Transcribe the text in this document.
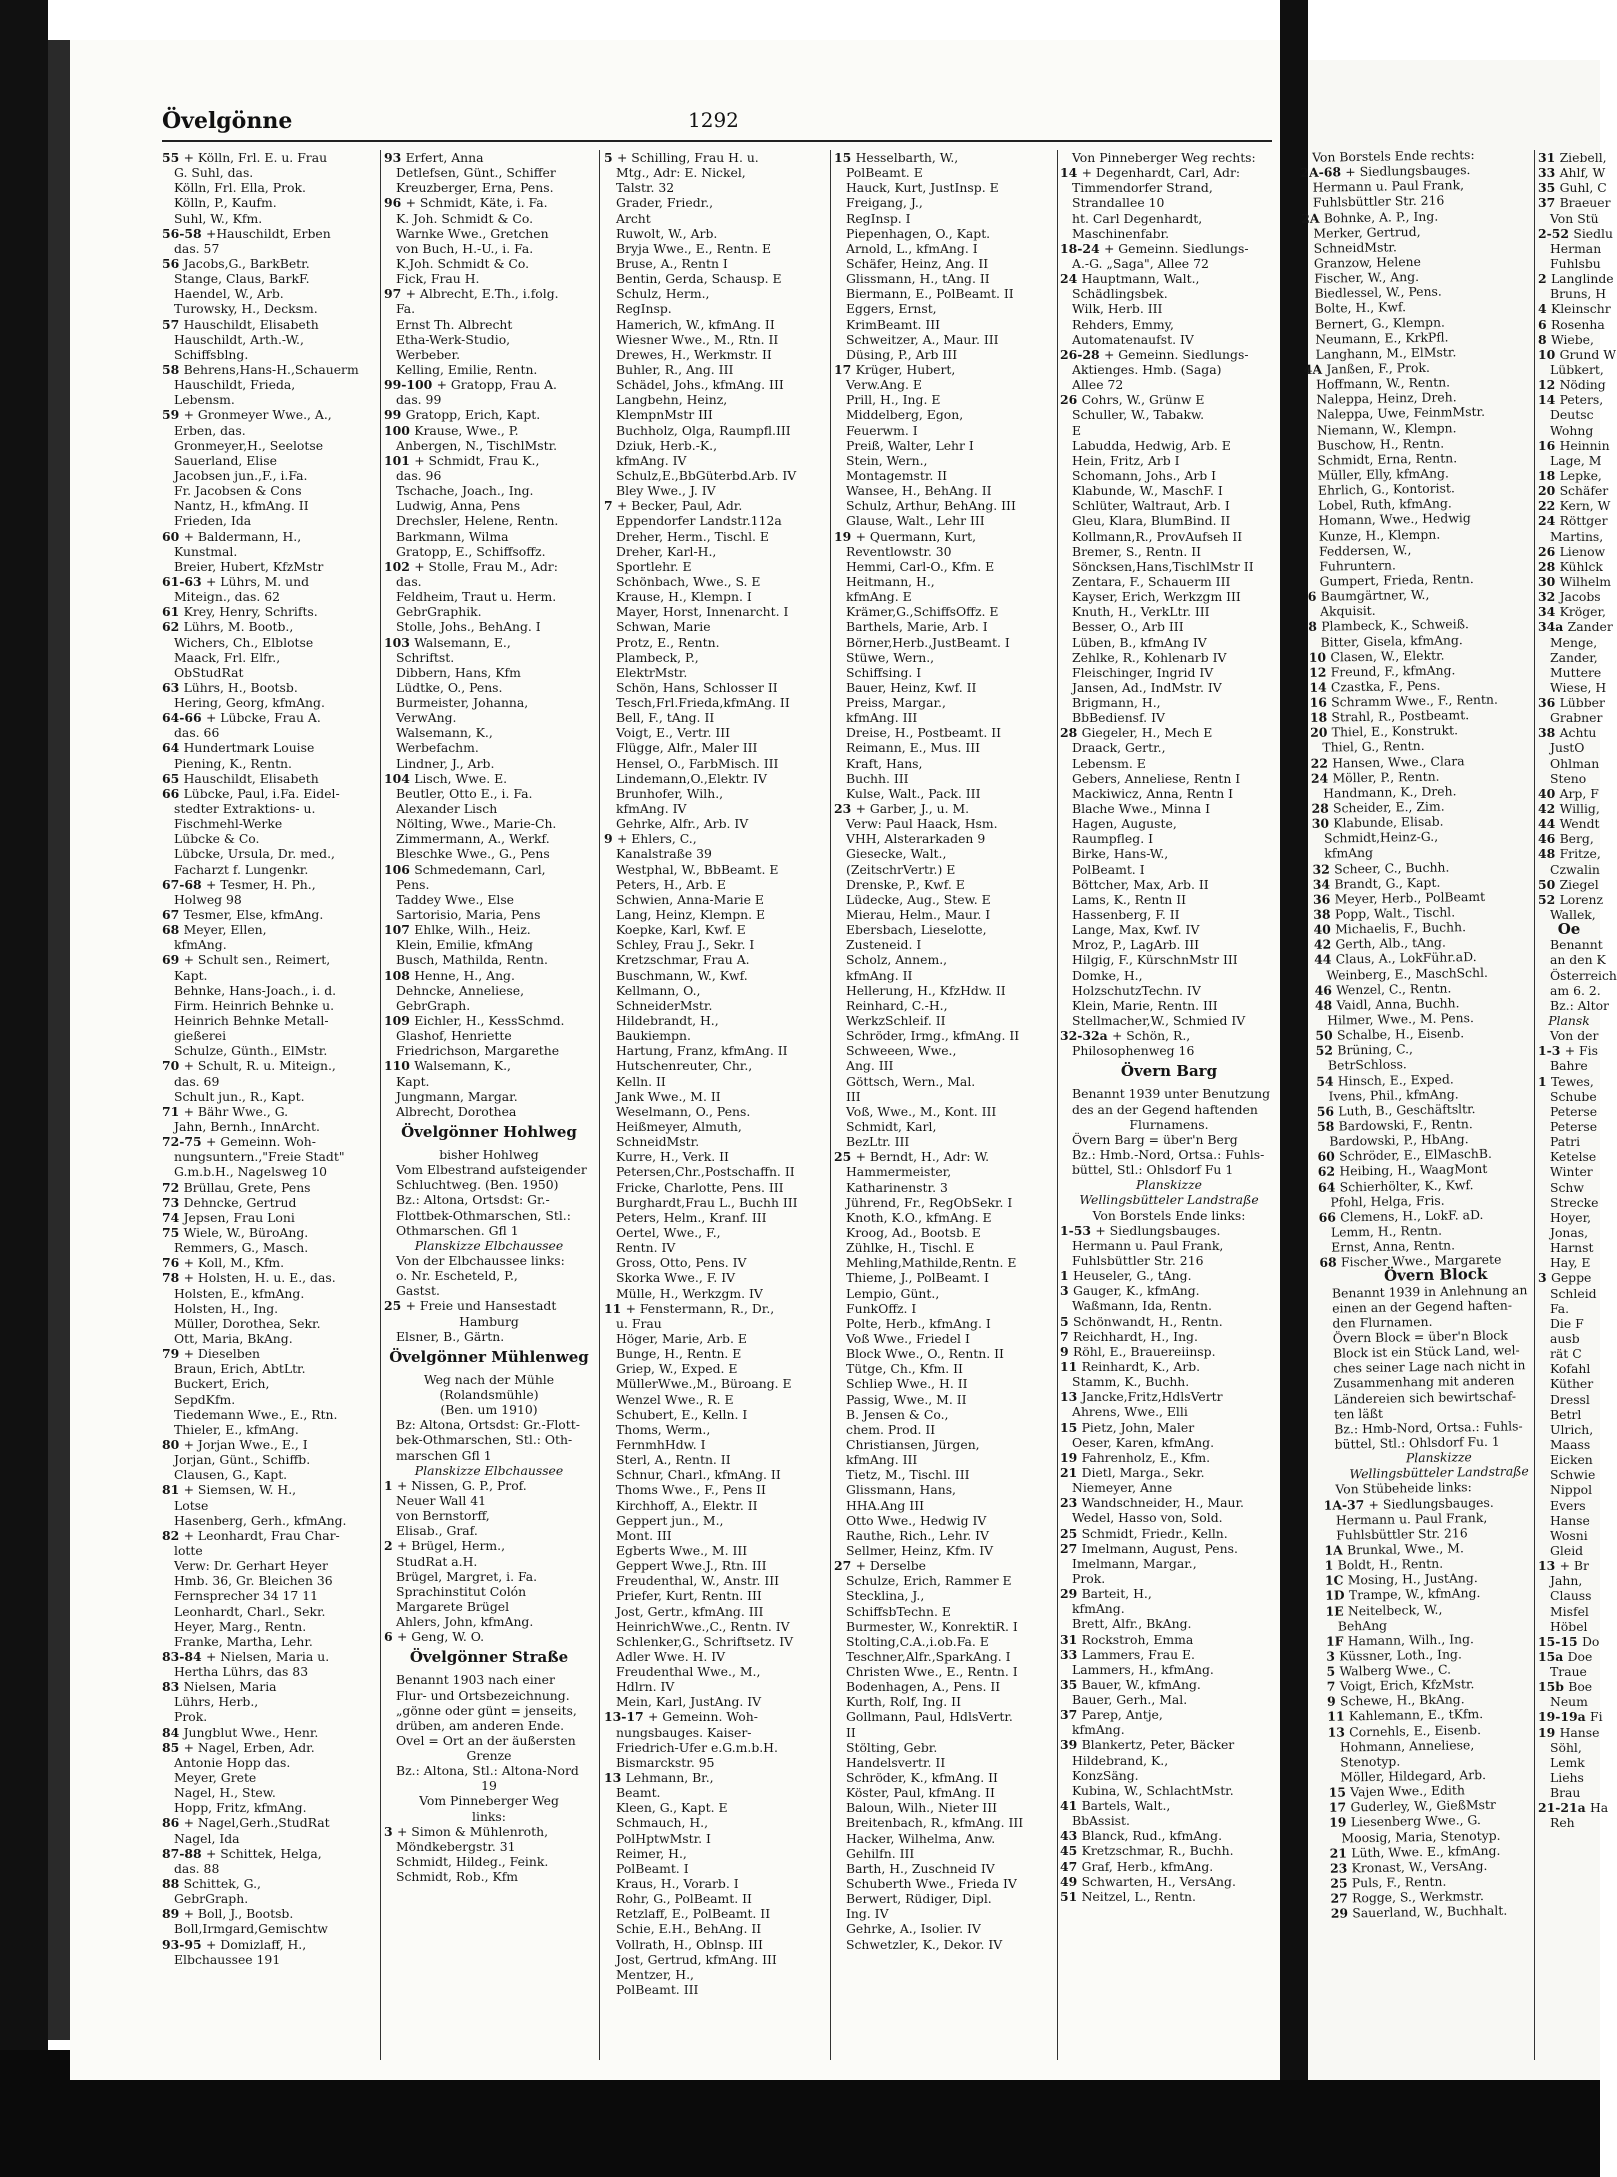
Övelgönne	1292
55 + Kölln, Frl. E. u. Frau
G. Suhl, das.
Kölln, Frl. Ella, Prok.
Kölln, P., Kaufm.
Suhl, W., Kfm.
56-58 +Hauschildt, Erben
das. 57
56 Jacobs,G., BarkBetr.
Stange, Claus, BarkF.
Haendel, W., Arb.
Turowsky, H., Decksm.
57 Hauschildt, Elisabeth
Hauschildt, Arth.-W.,
Schiffsblng.
58 Behrens,Hans-H.,Schauerm
Hauschildt, Frieda,
Lebensm.
59 + Gronmeyer Wwe., A.,
Erben, das.
Gronmeyer,H., Seelotse
Sauerland, Elise
Jacobsen jun.,F., i.Fa.
Fr. Jacobsen & Cons
Nantz, H., kfmAng. II
Frieden, Ida
60 + Baldermann, H.,
Kunstmal.
Breier, Hubert, KfzMstr
61-63 + Lührs, M. und
Miteign., das. 62
61 Krey, Henry, Schrifts.
62 Lührs, M. Bootb.,
Wichers, Ch., Elblotse
Maack, Frl. Elfr.,
ObStudRat
63 Lührs, H., Bootsb.
Hering, Georg, kfmAng.
64-66 + Lübcke, Frau A.
das. 66
64 Hundertmark Louise
Piening, K., Rentn.
65 Hauschildt, Elisabeth
66 Lübcke, Paul, i.Fa. Eidel-
stedter Extraktions- u.
Fischmehl-Werke
Lübcke & Co.
Lübcke, Ursula, Dr. med.,
Facharzt f. Lungenkr.
67-68 + Tesmer, H. Ph.,
Holweg 98
67 Tesmer, Else, kfmAng.
68 Meyer, Ellen,
kfmAng.
69 + Schult sen., Reimert,
Kapt.
Behnke, Hans-Joach., i. d.
Firm. Heinrich Behnke u.
Heinrich Behnke Metall-
gießerei
Schulze, Günth., ElMstr.
70 + Schult, R. u. Miteign.,
das. 69
Schult jun., R., Kapt.
71 + Bähr Wwe., G.
Jahn, Bernh., InnArcht.
72-75 + Gemeinn. Woh-
nungsuntern.,"Freie Stadt"
G.m.b.H., Nagelsweg 10
72 Brüllau, Grete, Pens
73 Dehncke, Gertrud
74 Jepsen, Frau Loni
75 Wiele, W., BüroAng.
Remmers, G., Masch.
76 + Koll, M., Kfm.
78 + Holsten, H. u. E., das.
Holsten, E., kfmAng.
Holsten, H., Ing.
Müller, Dorothea, Sekr.
Ott, Maria, BkAng.
79 + Dieselben
Braun, Erich, AbtLtr.
Buckert, Erich,
SepdKfm.
Tiedemann Wwe., E., Rtn.
Thieler, E., kfmAng.
80 + Jorjan Wwe., E., I
Jorjan, Günt., Schiffb.
Clausen, G., Kapt.
81 + Siemsen, W. H.,
Lotse
Hasenberg, Gerh., kfmAng.
82 + Leonhardt, Frau Char-
lotte
Verw: Dr. Gerhart Heyer
Hmb. 36, Gr. Bleichen 36
Fernsprecher 34 17 11
Leonhardt, Charl., Sekr.
Heyer, Marg., Rentn.
Franke, Martha, Lehr.
83-84 + Nielsen, Maria u.
Hertha Lührs, das 83
83 Nielsen, Maria
Lührs, Herb.,
Prok.
84 Jungblut Wwe., Henr.
85 + Nagel, Erben, Adr.
Antonie Hopp das.
Meyer, Grete
Nagel, H., Stew.
Hopp, Fritz, kfmAng.
86 + Nagel,Gerh.,StudRat
Nagel, Ida
87-88 + Schittek, Helga,
das. 88
88 Schittek, G.,
GebrGraph.
89 + Boll, J., Bootsb.
Boll,Irmgard,Gemischtw
93-95 + Domizlaff, H.,
Elbchaussee 191
93 Erfert, Anna
Detlefsen, Günt., Schiffer
Kreuzberger, Erna, Pens.
96 + Schmidt, Käte, i. Fa.
K. Joh. Schmidt & Co.
Warnke Wwe., Gretchen
von Buch, H.-U., i. Fa.
K.Joh. Schmidt & Co.
Fick, Frau H.
97 + Albrecht, E.Th., i.folg.
Fa.
Ernst Th. Albrecht
Etha-Werk-Studio,
Werbeber.
Kelling, Emilie, Rentn.
99-100 + Gratopp, Frau A.
das. 99
99 Gratopp, Erich, Kapt.
100 Krause, Wwe., P.
Anbergen, N., TischlMstr.
101 + Schmidt, Frau K.,
das. 96
Tschache, Joach., Ing.
Ludwig, Anna, Pens
Drechsler, Helene, Rentn.
Barkmann, Wilma
Gratopp, E., Schiffsoffz.
102 + Stolle, Frau M., Adr:
das.
Feldheim, Traut u. Herm.
GebrGraphik.
Stolle, Johs., BehAng. I
103 Walsemann, E.,
Schriftst.
Dibbern, Hans, Kfm
Lüdtke, O., Pens.
Burmeister, Johanna,
VerwAng.
Walsemann, K.,
Werbefachm.
Lindner, J., Arb.
104 Lisch, Wwe. E.
Beutler, Otto E., i. Fa.
Alexander Lisch
Nölting, Wwe., Marie-Ch.
Zimmermann, A., Werkf.
Bleschke Wwe., G., Pens
106 Schmedemann, Carl,
Pens.
Taddey Wwe., Else
Sartorisio, Maria, Pens
107 Ehlke, Wilh., Heiz.
Klein, Emilie, kfmAng
Busch, Mathilda, Rentn.
108 Henne, H., Ang.
Dehncke, Anneliese,
GebrGraph.
109 Eichler, H., KessSchmd.
Glashof, Henriette
Friedrichson, Margarethe
110 Walsemann, K.,
Kapt.
Jungmann, Margar.
Albrecht, Dorothea
Övelgönner Hohlweg
bisher Hohlweg
Vom Elbestrand aufsteigender
Schluchtweg. (Ben. 1950)
Bz.: Altona, Ortsdst: Gr.-
Flottbek-Othmarschen, Stl.:
Othmarschen. Gfl 1
Planskizze Elbchaussee
Von der Elbchaussee links:
o. Nr. Escheteld, P.,
Gastst.
25 + Freie und Hansestadt
Hamburg
Elsner, B., Gärtn.
Övelgönner Mühlenweg
Weg nach der Mühle
(Rolandsmühle)
(Ben. um 1910)
Bz: Altona, Ortsdst: Gr.-Flott-
bek-Othmarschen, Stl.: Oth-
marschen Gfl 1
Planskizze Elbchaussee
1 + Nissen, G. P., Prof.
Neuer Wall 41
von Bernstorff,
Elisab., Graf.
2 + Brügel, Herm.,
StudRat a.H.
Brügel, Margret, i. Fa.
Sprachinstitut Colón
Margarete Brügel
Ahlers, John, kfmAng.
6 + Geng, W. O.
Övelgönner Straße
Benannt 1903 nach einer
Flur- und Ortsbezeichnung.
„gönne oder günt = jenseits,
drüben, am anderen Ende.
Ovel = Ort an der äußersten
Grenze
Bz.: Altona, Stl.: Altona-Nord
19
Vom Pinneberger Weg
links:
3 + Simon & Mühlenroth,
Möndkebergstr. 31
Schmidt, Hildeg., Feink.
Schmidt, Rob., Kfm
5 + Schilling, Frau H. u.
Mtg., Adr: E. Nickel,
Talstr. 32
Grader, Friedr.,
Archt
Ruwolt, W., Arb.
Bryja Wwe., E., Rentn. E
Bruse, A., Rentn I
Bentin, Gerda, Schausp. E
Schulz, Herm.,
RegInsp.
Hamerich, W., kfmAng. II
Wiesner Wwe., M., Rtn. II
Drewes, H., Werkmstr. II
Buhler, R., Ang. III
Schädel, Johs., kfmAng. III
Langbehn, Heinz,
KlempnMstr III
Buchholz, Olga, Raumpfl.III
Dziuk, Herb.-K.,
kfmAng. IV
Schulz,E.,BbGüterbd.Arb. IV
Bley Wwe., J. IV
7 + Becker, Paul, Adr.
Eppendorfer Landstr.112a
Dreher, Herm., Tischl. E
Dreher, Karl-H.,
Sportlehr. E
Schönbach, Wwe., S. E
Krause, H., Klempn. I
Mayer, Horst, Innenarcht. I
Schwan, Marie
Protz, E., Rentn.
Plambeck, P.,
ElektrMstr.
Schön, Hans, Schlosser II
Tesch,Frl.Frieda,kfmAng. II
Bell, F., tAng. II
Voigt, E., Vertr. III
Flügge, Alfr., Maler III
Hensel, O., FarbMisch. III
Lindemann,O.,Elektr. IV
Brunhofer, Wilh.,
kfmAng. IV
Gehrke, Alfr., Arb. IV
9 + Ehlers, C.,
Kanalstraße 39
Westphal, W., BbBeamt. E
Peters, H., Arb. E
Schwien, Anna-Marie E
Lang, Heinz, Klempn. E
Koepke, Karl, Kwf. E
Schley, Frau J., Sekr. I
Kretzschmar, Frau A.
Buschmann, W., Kwf.
Kellmann, O.,
SchneiderMstr.
Hildebrandt, H.,
Baukiempn.
Hartung, Franz, kfmAng. II
Hutschenreuter, Chr.,
Kelln. II
Jank Wwe., M. II
Weselmann, O., Pens.
Heißmeyer, Almuth,
SchneidMstr.
Kurre, H., Verk. II
Petersen,Chr.,Postschaffn. II
Fricke, Charlotte, Pens. III
Burghardt,Frau L., Buchh III
Peters, Helm., Kranf. III
Oertel, Wwe., F.,
Rentn. IV
Gross, Otto, Pens. IV
Skorka Wwe., F. IV
Mülle, H., Werkzgm. IV
11 + Fenstermann, R., Dr.,
u. Frau
Höger, Marie, Arb. E
Bunge, H., Rentn. E
Griep, W., Exped. E
MüllerWwe.,M., Büroang. E
Wenzel Wwe., R. E
Schubert, E., Kelln. I
Thoms, Werm.,
FernmhHdw. I
Sterl, A., Rentn. II
Schnur, Charl., kfmAng. II
Thoms Wwe., F., Pens II
Kirchhoff, A., Elektr. II
Geppert jun., M.,
Mont. III
Egberts Wwe., M. III
Geppert Wwe.J., Rtn. III
Freudenthal, W., Anstr. III
Priefer, Kurt, Rentn. III
Jost, Gertr., kfmAng. III
HeinrichWwe.,C., Rentn. IV
Schlenker,G., Schriftsetz. IV
Adler Wwe. H. IV
Freudenthal Wwe., M.,
Hdlrn. IV
Mein, Karl, JustAng. IV
13-17 + Gemeinn. Woh-
nungsbauges. Kaiser-
Friedrich-Ufer e.G.m.b.H.
Bismarckstr. 95
13 Lehmann, Br.,
Beamt.
Kleen, G., Kapt. E
Schmauch, H.,
PolHptwMstr. I
Reimer, H.,
PolBeamt. I
Kraus, H., Vorarb. I
Rohr, G., PolBeamt. II
Retzlaff, E., PolBeamt. II
Schie, E.H., BehAng. II
Vollrath, H., Oblnsp. III
Jost, Gertrud, kfmAng. III
Mentzer, H.,
PolBeamt. III
15 Hesselbarth, W.,
PolBeamt. E
Hauck, Kurt, JustInsp. E
Freigang, J.,
RegInsp. I
Piepenhagen, O., Kapt.
Arnold, L., kfmAng. I
Schäfer, Heinz, Ang. II
Glissmann, H., tAng. II
Biermann, E., PolBeamt. II
Eggers, Ernst,
KrimBeamt. III
Schweitzer, A., Maur. III
Düsing, P., Arb III
17 Krüger, Hubert,
Verw.Ang. E
Prill, H., Ing. E
Middelberg, Egon,
Feuerwm. I
Preiß, Walter, Lehr I
Stein, Wern.,
Montagemstr. II
Wansee, H., BehAng. II
Schulz, Arthur, BehAng. III
Glause, Walt., Lehr III
19 + Quermann, Kurt,
Reventlowstr. 30
Hemmi, Carl-O., Kfm. E
Heitmann, H.,
kfmAng. E
Krämer,G.,SchiffsOffz. E
Barthels, Marie, Arb. I
Börner,Herb.,JustBeamt. I
Stüwe, Wern.,
Schiffsing. I
Bauer, Heinz, Kwf. II
Preiss, Margar.,
kfmAng. III
Dreise, H., Postbeamt. II
Reimann, E., Mus. III
Kraft, Hans,
Buchh. III
Kulse, Walt., Pack. III
23 + Garber, J., u. M.
Verw: Paul Haack, Hsm.
VHH, Alsterarkaden 9
Giesecke, Walt.,
(ZeitschrVertr.) E
Drenske, P., Kwf. E
Lüdecke, Aug., Stew. E
Mierau, Helm., Maur. I
Ebersbach, Lieselotte,
Zusteneid. I
Scholz, Annem.,
kfmAng. II
Hellerung, H., KfzHdw. II
Reinhard, C.-H.,
WerkzSchleif. II
Schröder, Irmg., kfmAng. II
Schweeen, Wwe.,
Ang. III
Göttsch, Wern., Mal.
III
Voß, Wwe., M., Kont. III
Schmidt, Karl,
BezLtr. III
25 + Berndt, H., Adr: W.
Hammermeister,
Katharinenstr. 3
Jührend, Fr., RegObSekr. I
Knoth, K.O., kfmAng. E
Kroog, Ad., Bootsb. E
Zühlke, H., Tischl. E
Mehling,Mathilde,Rentn. E
Thieme, J., PolBeamt. I
Lempio, Günt.,
FunkOffz. I
Polte, Herb., kfmAng. I
Voß Wwe., Friedel I
Block Wwe., O., Rentn. II
Tütge, Ch., Kfm. II
Schliep Wwe., H. II
Passig, Wwe., M. II
B. Jensen & Co.,
chem. Prod. II
Christiansen, Jürgen,
kfmAng. III
Tietz, M., Tischl. III
Glissmann, Hans,
HHA.Ang III
Otto Wwe., Hedwig IV
Rauthe, Rich., Lehr. IV
Sellmer, Heinz, Kfm. IV
27 + Derselbe
Schulze, Erich, Rammer E
Stecklina, J.,
SchiffsbTechn. E
Burmester, W., KonrektiR. I
Stolting,C.A.,i.ob.Fa. E
Teschner,Alfr.,SparkAng. I
Christen Wwe., E., Rentn. I
Bodenhagen, A., Pens. II
Kurth, Rolf, Ing. II
Gollmann, Paul, HdlsVertr.
II
Stölting, Gebr.
Handelsvertr. II
Schröder, K., kfmAng. II
Köster, Paul, kfmAng. II
Baloun, Wilh., Nieter III
Breitenbach, R., kfmAng. III
Hacker, Wilhelma, Anw.
Gehilfn. III
Barth, H., Zuschneid IV
Schuberth Wwe., Frieda IV
Berwert, Rüdiger, Dipl.
Ing. IV
Gehrke, A., Isolier. IV
Schwetzler, K., Dekor. IV
Von Pinneberger Weg rechts:
14 + Degenhardt, Carl, Adr:
Timmendorfer Strand,
Strandallee 10
ht. Carl Degenhardt,
Maschinenfabr.
18-24 + Gemeinn. Siedlungs-
A.-G. „Saga", Allee 72
24 Hauptmann, Walt.,
Schädlingsbek.
Wilk, Herb. III
Rehders, Emmy,
Automatenaufst. IV
26-28 + Gemeinn. Siedlungs-
Aktienges. Hmb. (Saga)
Allee 72
26 Cohrs, W., Grünw E
Schuller, W., Tabakw.
E
Labudda, Hedwig, Arb. E
Hein, Fritz, Arb I
Schomann, Johs., Arb I
Klabunde, W., MaschF. I
Schlüter, Waltraut, Arb. I
Gleu, Klara, BlumBind. II
Kollmann,R., ProvAufseh II
Bremer, S., Rentn. II
Söncksen,Hans,TischlMstr II
Zentara, F., Schauerm III
Kayser, Erich, Werkzgm III
Knuth, H., VerkLtr. III
Besser, O., Arb III
Lüben, B., kfmAng IV
Zehlke, R., Kohlenarb IV
Fleischinger, Ingrid IV
Jansen, Ad., IndMstr. IV
Brigmann, H.,
BbBediensf. IV
28 Giegeler, H., Mech E
Draack, Gertr.,
Lebensm. E
Gebers, Anneliese, Rentn I
Mackiwicz, Anna, Rentn I
Blache Wwe., Minna I
Hagen, Auguste,
Raumpfleg. I
Birke, Hans-W.,
PolBeamt. I
Böttcher, Max, Arb. II
Lams, K., Rentn II
Hassenberg, F. II
Lange, Max, Kwf. IV
Mroz, P., LagArb. III
Hilgig, F., KürschnMstr III
Domke, H.,
HolzschutzTechn. IV
Klein, Marie, Rentn. III
Stellmacher,W., Schmied IV
32-32a + Schön, R.,
Philosophenweg 16
Övern Barg
Benannt 1939 unter Benutzung
des an der Gegend haftenden
Flurnamens.
Övern Barg = über'n Berg
Bz.: Hmb.-Nord, Ortsa.: Fuhls-
büttel, Stl.: Ohlsdorf Fu 1
Planskizze
Wellingsbütteler Landstraße
Von Borstels Ende links:
1-53 + Siedlungsbauges.
Hermann u. Paul Frank,
Fuhlsbüttler Str. 216
1 Heuseler, G., tAng.
3 Gauger, K., kfmAng.
Waßmann, Ida, Rentn.
5 Schönwandt, H., Rentn.
7 Reichhardt, H., Ing.
9 Röhl, E., Brauereiinsp.
11 Reinhardt, K., Arb.
Stamm, K., Buchh.
13 Jancke,Fritz,HdlsVertr
Ahrens, Wwe., Elli
15 Pietz, John, Maler
Oeser, Karen, kfmAng.
19 Fahrenholz, E., Kfm.
21 Dietl, Marga., Sekr.
Niemeyer, Anne
23 Wandschneider, H., Maur.
Wedel, Hasso von, Sold.
25 Schmidt, Friedr., Kelln.
27 Imelmann, August, Pens.
Imelmann, Margar.,
Prok.
29 Barteit, H.,
kfmAng.
Brett, Alfr., BkAng.
31 Rockstroh, Emma
33 Lammers, Frau E.
Lammers, H., kfmAng.
35 Bauer, W., kfmAng.
Bauer, Gerh., Mal.
37 Parep, Antje,
kfmAng.
39 Blankertz, Peter, Bäcker
Hildebrand, K.,
KonzSäng.
Kubina, W., SchlachtMstr.
41 Bartels, Walt.,
BbAssist.
43 Blanck, Rud., kfmAng.
45 Kretzschmar, R., Buchh.
47 Graf, Herb., kfmAng.
49 Schwarten, H., VersAng.
51 Neitzel, L., Rentn.
Von Borstels Ende rechts:
2A-68 + Siedlungsbauges.
Hermann u. Paul Frank,
Fuhlsbüttler Str. 216
2A Bohnke, A. P., Ing.
Merker, Gertrud,
SchneidMstr.
Granzow, Helene
Fischer, W., Ang.
Biedlessel, W., Pens.
Bolte, H., Kwf.
Bernert, G., Klempn.
Neumann, E., KrkPfl.
Langhann, M., ElMstr.
4A Janßen, F., Prok.
Hoffmann, W., Rentn.
Naleppa, Heinz, Dreh.
Naleppa, Uwe, FeinmMstr.
Niemann, W., Klempn.
Buschow, H., Rentn.
Schmidt, Erna, Rentn.
Müller, Elly, kfmAng.
Ehrlich, G., Kontorist.
Lobel, Ruth, kfmAng.
Homann, Wwe., Hedwig
Kunze, H., Klempn.
Feddersen, W.,
Fuhruntern.
Gumpert, Frieda, Rentn.
6 Baumgärtner, W.,
Akquisit.
8 Plambeck, K., Schweiß.
Bitter, Gisela, kfmAng.
10 Clasen, W., Elektr.
12 Freund, F., kfmAng.
14 Czastka, F., Pens.
16 Schramm Wwe., F., Rentn.
18 Strahl, R., Postbeamt.
20 Thiel, E., Konstrukt.
Thiel, G., Rentn.
22 Hansen, Wwe., Clara
24 Möller, P., Rentn.
Handmann, K., Dreh.
28 Scheider, E., Zim.
30 Klabunde, Elisab.
Schmidt,Heinz-G.,
kfmAng
32 Scheer, C., Buchh.
34 Brandt, G., Kapt.
36 Meyer, Herb., PolBeamt
38 Popp, Walt., Tischl.
40 Michaelis, F., Buchh.
42 Gerth, Alb., tAng.
44 Claus, A., LokFühr.aD.
Weinberg, E., MaschSchl.
46 Wenzel, C., Rentn.
48 Vaidl, Anna, Buchh.
Hilmer, Wwe., M. Pens.
50 Schalbe, H., Eisenb.
52 Brüning, C.,
BetrSchloss.
54 Hinsch, E., Exped.
Ivens, Phil., kfmAng.
56 Luth, B., Geschäftsltr.
58 Bardowski, F., Rentn.
Bardowski, P., HbAng.
60 Schröder, E., ElMaschB.
62 Heibing, H., WaagMont
64 Schierhölter, K., Kwf.
Pfohl, Helga, Fris.
66 Clemens, H., LokF. aD.
Lemm, H., Rentn.
Ernst, Anna, Rentn.
68 Fischer Wwe., Margarete
Övern Block
Benannt 1939 in Anlehnung an
einen an der Gegend haften-
den Flurnamen.
Övern Block = über'n Block
Block ist ein Stück Land, wel-
ches seiner Lage nach nicht in
Zusammenhang mit anderen
Ländereien sich bewirtschaf-
ten läßt
Bz.: Hmb-Nord, Ortsa.: Fuhls-
büttel, Stl.: Ohlsdorf Fu. 1
Planskizze
Wellingsbütteler Landstraße
Von Stübeheide links:
1A-37 + Siedlungsbauges.
Hermann u. Paul Frank,
Fuhlsbüttler Str. 216
1A Brunkal, Wwe., M.
1 Boldt, H., Rentn.
1C Mosing, H., JustAng.
1D Trampe, W., kfmAng.
1E Neitelbeck, W.,
BehAng
1F Hamann, Wilh., Ing.
3 Küssner, Loth., Ing.
5 Walberg Wwe., C.
7 Voigt, Erich, KfzMstr.
9 Schewe, H., BkAng.
11 Kahlemann, E., tKfm.
13 Cornehls, E., Eisenb.
Hohmann, Anneliese,
Stenotyp.
Möller, Hildegard, Arb.
15 Vajen Wwe., Edith
17 Guderley, W., GießMstr
19 Liesenberg Wwe., G.
Moosig, Maria, Stenotyp.
21 Lüth, Wwe. E., kfmAng.
23 Kronast, W., VersAng.
25 Puls, F., Rentn.
27 Rogge, S., Werkmstr.
29 Sauerland, W., Buchhalt.
31 Ziebell,
33 Ahlf, W
35 Guhl, C
37 Braeuer
Von Stü
2-52 Siedlu
Herman
Fuhlsbu
2 Langlinde
Bruns, H
4 Kleinschr
6 Rosenha
8 Wiebe,
10 Grund W
Lübkert,
12 Nöding
14 Peters,
Deutsc
Wohng
16 Heinnin
Lage, M
18 Lepke,
20 Schäfer
22 Kern, W
24 Röttger
Martins,
26 Lienow
28 Kühlck
30 Wilhelm
32 Jacobs
34 Kröger,
34a Zander
Menge,
Zander,
Muttere
Wiese, H
36 Lübber
Grabner
38 Achtu
JustO
Ohlman
Steno
40 Arp, F
42 Willig,
44 Wendt
46 Berg,
48 Fritze,
Czwalin
50 Ziegel
52 Lorenz
Wallek,
Oe
Benannt
an den K
Österreich
am 6. 2.
Bz.: Altor
Plansk
Von der
1-3 + Fis
Bahre
1 Tewes,
Schube
Peterse
Peterse
Patri
Ketelse
Winter
Schw
Strecke
Hoyer,
Jonas,
Harnst
Hay, E
3 Geppe
Schleid
Fa.
Die F
ausb
rät C
Kofahl
Küther
Dressl
Betrl
Ulrich,
Maass
Eicken
Schwie
Nippol
Evers
Hanse
Wosni
Gleid
13 + Br
Jahn,
Clauss
Misfel
Höbel
15-15 Do
15a Doe
Traue
15b Boe
Neum
19-19a Fi
19 Hanse
Söhl,
Lemk
Liehs
Brau
21-21a Ha
Reh
